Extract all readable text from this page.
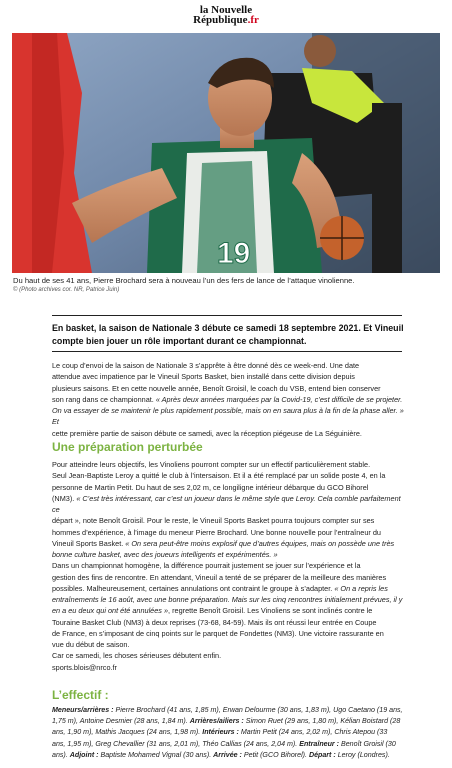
la Nouvelle
République.fr
19

Du haut de ses 41 ans, Pierre Brochard sera à nouveau l’un des fers de lance de l’attaque vinolienne.

© (Photo archives cor. NR, Patrice Juin)

En basket, la saison de Nationale 3 débute ce samedi 18 septembre 2021. Et Vineuil compte bien jouer un rôle important durant ce championnat.

Le coup d’envoi de la saison de Nationale 3 s’apprête à être donné dès ce week-end. Une date

attendue avec impatience par le Vineuil Sports Basket, bien installé dans cette division depuis

plusieurs saisons. Et en cette nouvelle année, Benoît Groisil, le coach du VSB, entend bien conserver

son rang dans ce championnat. « Après deux années marquées par la Covid-19, c’est difficile de se projeter.

On va essayer de se maintenir le plus rapidement possible, mais on en saura plus à la fin de la phase aller. » Et

cette première partie de saison débute ce samedi, avec la réception piégeuse de La Séguinière.

Une préparation perturbée

Pour atteindre leurs objectifs, les Vinoliens pourront compter sur un effectif particulièrement stable.

Seul Jean-Baptiste Leroy a quitté le club à l’intersaison. Et il a été remplacé par un solide poste 4, en la

personne de Martin Petit. Du haut de ses 2,02 m, ce longiligne intérieur débarque du GCO Bihorel

(NM3). « C’est très intéressant, car c’est un joueur dans le même style que Leroy. Cela comble parfaitement ce

départ », note Benoît Groisil. Pour le reste, le Vineuil Sports Basket pourra toujours compter sur ses

hommes d’expérience, à l’image du meneur Pierre Brochard. Une bonne nouvelle pour l’entraîneur du

Vineuil Sports Basket. « On sera peut-être moins explosif que d’autres équipes, mais on possède une très

bonne culture basket, avec des joueurs intelligents et expérimentés. »

Dans un championnat homogène, la différence pourrait justement se jouer sur l’expérience et la

gestion des fins de rencontre. En attendant, Vineuil a tenté de se préparer de la meilleure des manières

possibles. Malheureusement, certaines annulations ont contraint le groupe à s’adapter. « On a repris les

entraînements le 16 août, avec une bonne préparation. Mais sur les cinq rencontres initialement prévues, il y

en a eu deux qui ont été annulées », regrette Benoît Groisil. Les Vinoliens se sont inclinés contre le

Touraine Basket Club (NM3) à deux reprises (73-68, 84-59). Mais ils ont réussi leur entrée en Coupe

de France, en s’imposant de cinq points sur le parquet de Fondettes (NM3). Une victoire rassurante en

vue du début de saison.

Car ce samedi, les choses sérieuses débutent enfin.

sports.blois@nrco.fr

L’effectif :

Meneurs/arrières : Pierre Brochard (41 ans, 1,85 m), Erwan Delourme (30 ans, 1,83 m), Ugo Caetano (19 ans,

1,75 m), Antoine Desmier (28 ans, 1,84 m). Arrières/ailiers : Simon Ruet (29 ans, 1,80 m), Kélian Boistard (28

ans, 1,90 m), Mathis Jacques (24 ans, 1,98 m). Intérieurs : Martin Petit (24 ans, 2,02 m), Chris Atepou (33

ans, 1,95 m), Greg Chevallier (31 ans, 2,01 m), Théo Callias (24 ans, 2,04 m). Entraîneur : Benoît Groisil (30

ans). Adjoint : Baptiste Mohamed Vignal (30 ans). Arrivée : Petit (GCO Bihorel). Départ : Leroy (Londres).
